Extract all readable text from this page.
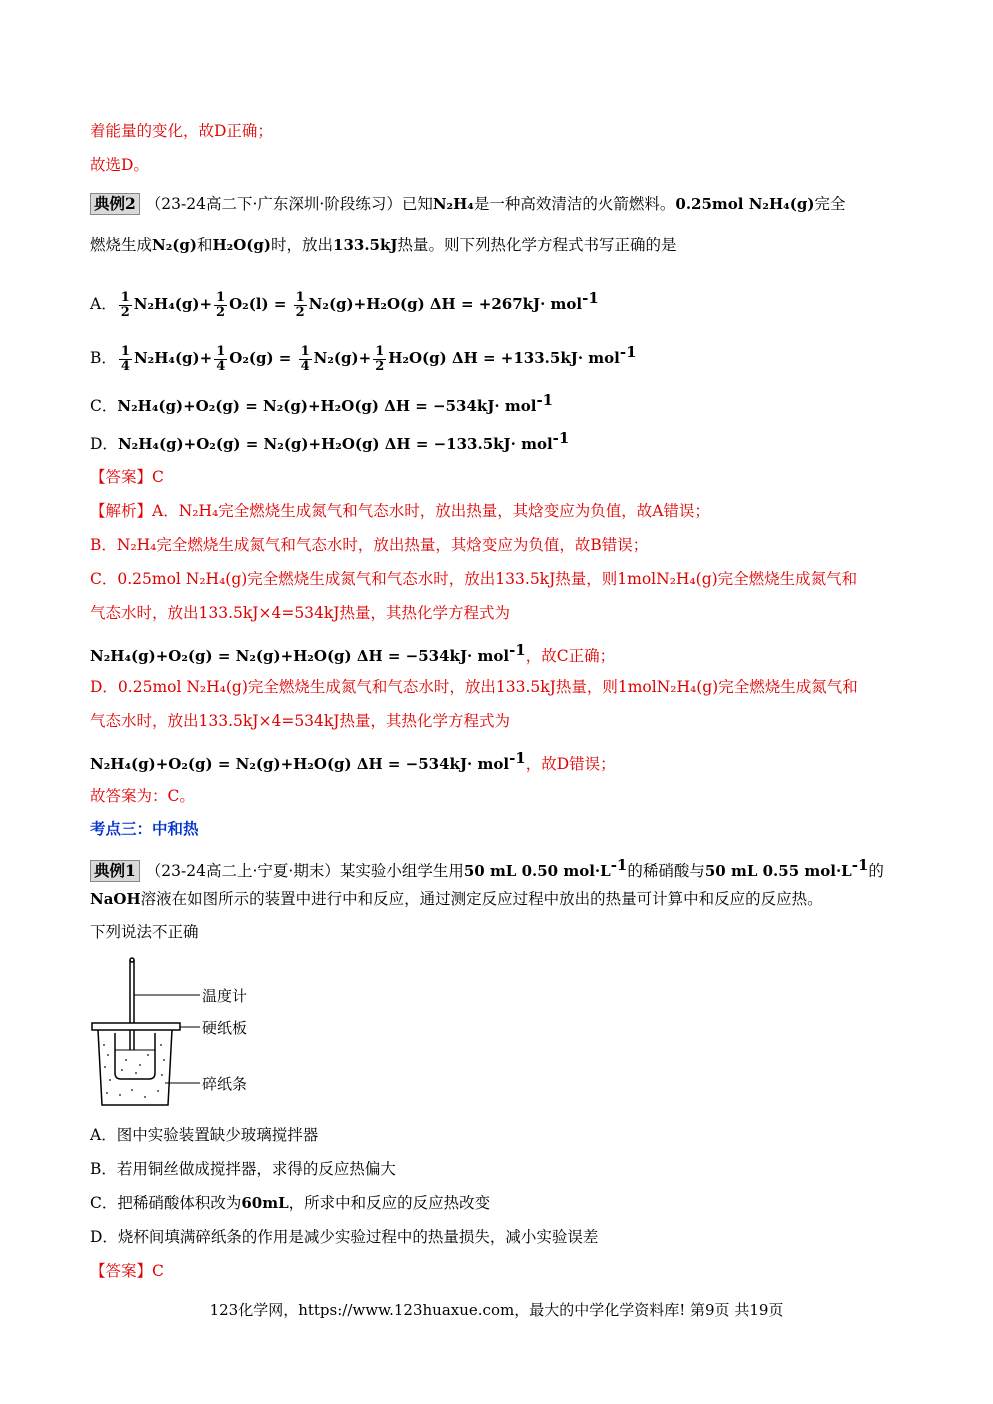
着能量的变化，故D正确；
故选D。
典例2 （23-24高二下·广东深圳·阶段练习）已知N₂H₄是一种高效清洁的火箭燃料。0.25mol N₂H₄(g)完全
燃烧生成N₂(g)和H₂O(g)时，放出133.5kJ热量。则下列热化学方程式书写正确的是
A． $\frac{1}{2} N_2H_4(g)+ \frac{1}{2} O_2(l) = \frac{1}{2} N_2(g)+H_2O(g) \Delta H = +267kJ\cdot mol^{-1}$
B． $\frac{1}{4} N_2H_4(g)+ \frac{1}{4} O_2(g) = \frac{1}{4} N_2(g)+ \frac{1}{2} H_2O(g) \Delta H = +133.5kJ\cdot mol^{-1}$
C．N₂H₄(g)+O₂(g) = N₂(g)+H₂O(g) ΔH = −534kJ· mol$^{-1}$
D．N₂H₄(g)+O₂(g) = N₂(g)+H₂O(g) ΔH = −133.5kJ· mol$^{-1}$
【答案】C
【解析】A．N₂H₄完全燃烧生成氮气和气态水时，放出热量，其焓变应为负值，故A错误；
B．N₂H₄完全燃烧生成氮气和气态水时，放出热量，其焓变应为负值，故B错误；
C．0.25mol N₂H₄(g)完全燃烧生成氮气和气态水时，放出133.5kJ热量，则1molN₂H₄(g)完全燃烧生成氮气和
气态水时，放出133.5kJ×4=534kJ热量，其热化学方程式为
N₂H₄(g)+O₂(g) = N₂(g)+H₂O(g) ΔH = −534kJ· mol$^{-1}$，故C正确；
D．0.25mol N₂H₄(g)完全燃烧生成氮气和气态水时，放出133.5kJ热量，则1molN₂H₄(g)完全燃烧生成氮气和
气态水时，放出133.5kJ×4=534kJ热量，其热化学方程式为
N₂H₄(g)+O₂(g) = N₂(g)+H₂O(g) ΔH = −534kJ· mol$^{-1}$，故D错误；
故答案为：C。
考点三：中和热
典例1 （23-24高二上·宁夏·期末）某实验小组学生用50 mL 0.50 $mol\cdot L^{-1}$的稀硝酸与50 mL 0.55 $mol\cdot L^{-1}$的
NaOH溶液在如图所示的装置中进行中和反应，通过测定反应过程中放出的热量可计算中和反应的反应热。
下列说法不正确
温度计
硬纸板
碎纸条
A．图中实验装置缺少玻璃搅拌器
B．若用铜丝做成搅拌器，求得的反应热偏大
C．把稀硝酸体积改为60mL，所求中和反应的反应热改变
D．烧杯间填满碎纸条的作用是减少实验过程中的热量损失，减小实验误差
【答案】C
123化学网，https://www.123huaxue.com，最大的中学化学资料库! 第9页 共19页
